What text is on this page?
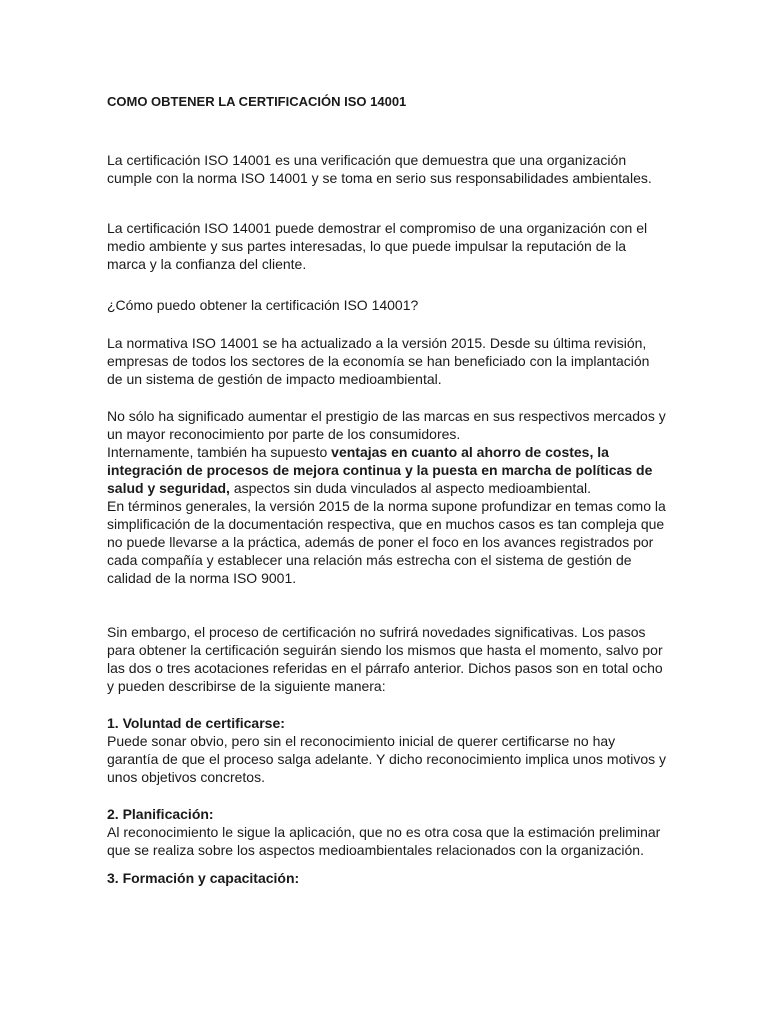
COMO OBTENER LA CERTIFICACIÓN ISO 14001

La certificación ISO 14001 es una verificación que demuestra que una organización cumple con la norma ISO 14001 y se toma en serio sus responsabilidades ambientales.

La certificación ISO 14001 puede demostrar el compromiso de una organización con el medio ambiente y sus partes interesadas, lo que puede impulsar la reputación de la marca y la confianza del cliente.

¿Cómo puedo obtener la certificación ISO 14001?

La normativa ISO 14001 se ha actualizado a la versión 2015. Desde su última revisión, empresas de todos los sectores de la economía se han beneficiado con la implantación de un sistema de gestión de impacto medioambiental.

No sólo ha significado aumentar el prestigio de las marcas en sus respectivos mercados y un mayor reconocimiento por parte de los consumidores.
Internamente, también ha supuesto ventajas en cuanto al ahorro de costes, la integración de procesos de mejora continua y la puesta en marcha de políticas de salud y seguridad, aspectos sin duda vinculados al aspecto medioambiental.
En términos generales, la versión 2015 de la norma supone profundizar en temas como la simplificación de la documentación respectiva, que en muchos casos es tan compleja que no puede llevarse a la práctica, además de poner el foco en los avances registrados por cada compañía y establecer una relación más estrecha con el sistema de gestión de calidad de la norma ISO 9001.

Sin embargo, el proceso de certificación no sufrirá novedades significativas. Los pasos para obtener la certificación seguirán siendo los mismos que hasta el momento, salvo por las dos o tres acotaciones referidas en el párrafo anterior. Dichos pasos son en total ocho y pueden describirse de la siguiente manera:

1. Voluntad de certificarse:
Puede sonar obvio, pero sin el reconocimiento inicial de querer certificarse no hay garantía de que el proceso salga adelante. Y dicho reconocimiento implica unos motivos y unos objetivos concretos.
2. Planificación:
Al reconocimiento le sigue la aplicación, que no es otra cosa que la estimación preliminar que se realiza sobre los aspectos medioambientales relacionados con la organización.
3. Formación y capacitación:
